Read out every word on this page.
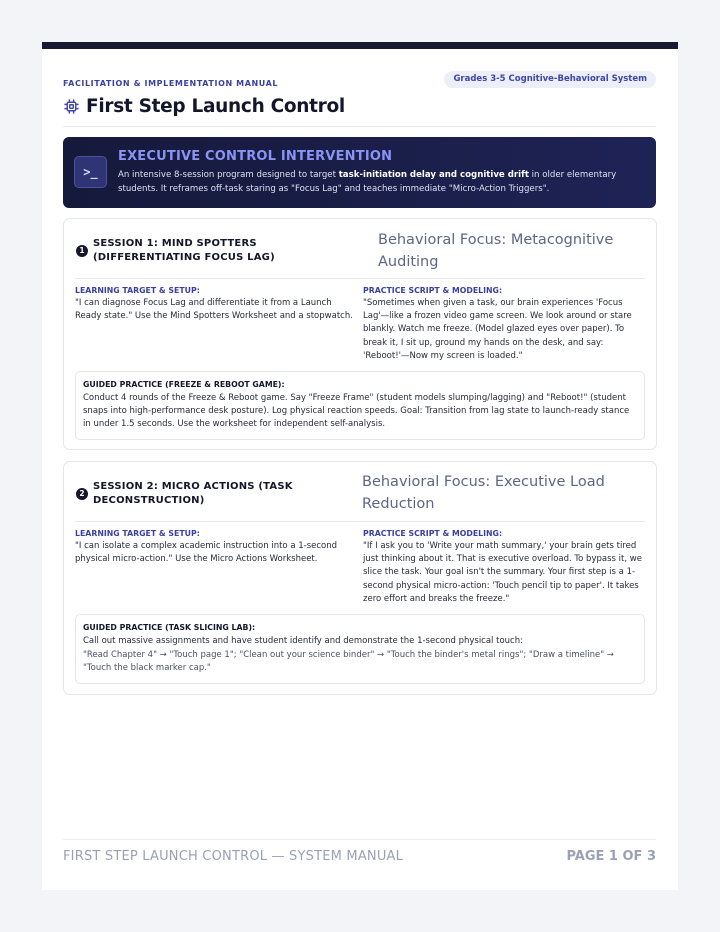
FACILITATION & IMPLEMENTATION MANUAL	Grades 3-5 Cognitive-Behavioral System
First Step Launch Control
>_
EXECUTIVE CONTROL INTERVENTION
An intensive 8-session program designed to target task-initiation delay and cognitive drift in older elementary students. It reframes off-task staring as "Focus Lag" and teaches immediate "Micro-Action Triggers".
1
SESSION 1: MIND SPOTTERS (DIFFERENTIATING FOCUS LAG)
Behavioral Focus: Metacognitive Auditing
LEARNING TARGET & SETUP:
"I can diagnose Focus Lag and differentiate it from a Launch Ready state." Use the Mind Spotters Worksheet and a stopwatch.
PRACTICE SCRIPT & MODELING:
"Sometimes when given a task, our brain experiences 'Focus Lag'—like a frozen video game screen. We look around or stare blankly. Watch me freeze. (Model glazed eyes over paper). To break it, I sit up, ground my hands on the desk, and say: 'Reboot!'—Now my screen is loaded."
GUIDED PRACTICE (FREEZE & REBOOT GAME):
Conduct 4 rounds of the Freeze & Reboot game. Say "Freeze Frame" (student models slumping/lagging) and "Reboot!" (student snaps into high-performance desk posture). Log physical reaction speeds. Goal: Transition from lag state to launch-ready stance in under 1.5 seconds. Use the worksheet for independent self-analysis.
2
SESSION 2: MICRO ACTIONS (TASK DECONSTRUCTION)
Behavioral Focus: Executive Load Reduction
LEARNING TARGET & SETUP:
"I can isolate a complex academic instruction into a 1-second physical micro-action." Use the Micro Actions Worksheet.
PRACTICE SCRIPT & MODELING:
"If I ask you to 'Write your math summary,' your brain gets tired just thinking about it. That is executive overload. To bypass it, we slice the task. Your goal isn't the summary. Your first step is a 1-second physical micro-action: 'Touch pencil tip to paper'. It takes zero effort and breaks the freeze."
GUIDED PRACTICE (TASK SLICING LAB):
Call out massive assignments and have student identify and demonstrate the 1-second physical touch:
"Read Chapter 4" → "Touch page 1"; "Clean out your science binder" → "Touch the binder's metal rings"; "Draw a timeline" → "Touch the black marker cap."
FIRST STEP LAUNCH CONTROL — SYSTEM MANUAL	PAGE 1 OF 3
